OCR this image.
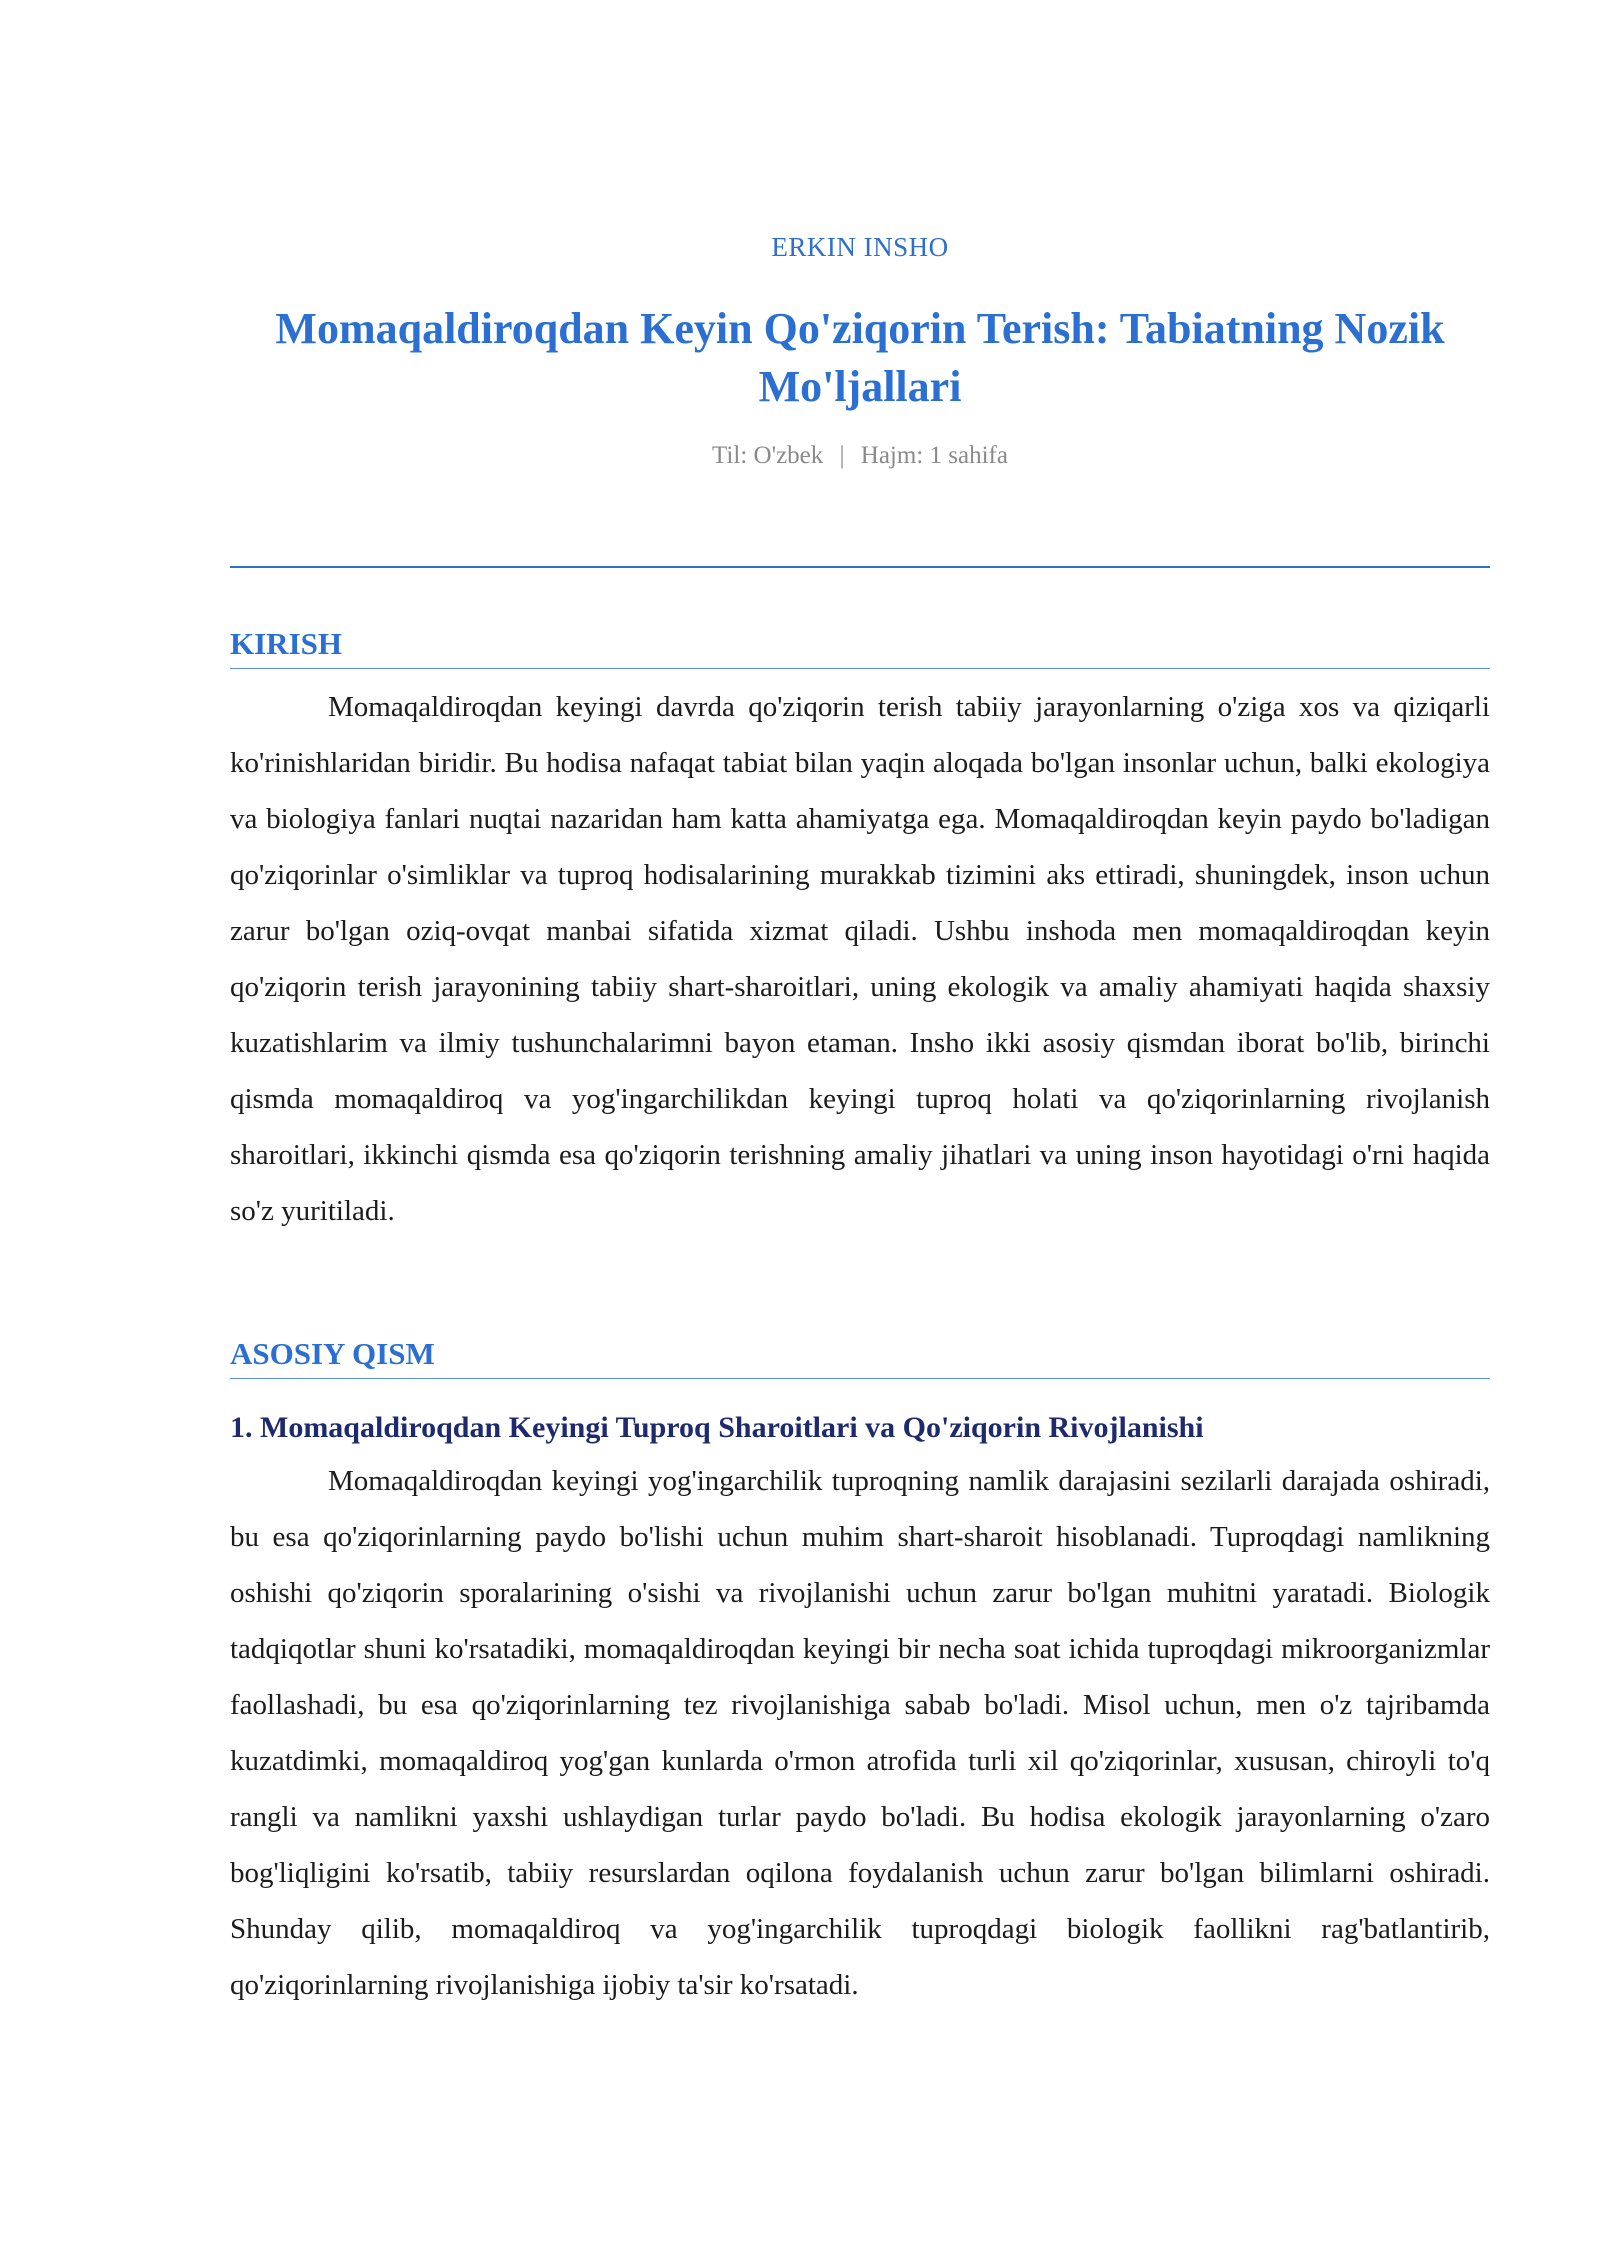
ERKIN INSHO
Momaqaldiroqdan Keyin Qo'ziqorin Terish: Tabiatning Nozik Mo'ljallari
Til: O'zbek | Hajm: 1 sahifa
KIRISH

Momaqaldiroqdan keyingi davrda qo'ziqorin terish tabiiy jarayonlarning o'ziga xos va qiziqarli ko'rinishlaridan biridir. Bu hodisa nafaqat tabiat bilan yaqin aloqada bo'lgan insonlar uchun, balki ekologiya va biologiya fanlari nuqtai nazaridan ham katta ahamiyatga ega. Momaqaldiroqdan keyin paydo bo'ladigan qo'ziqorinlar o'simliklar va tuproq hodisalarining murakkab tizimini aks ettiradi, shuningdek, inson uchun zarur bo'lgan oziq-ovqat manbai sifatida xizmat qiladi. Ushbu inshoda men momaqaldiroqdan keyin qo'ziqorin terish jarayonining tabiiy shart-sharoitlari, uning ekologik va amaliy ahamiyati haqida shaxsiy kuzatishlarim va ilmiy tushunchalarimni bayon etaman. Insho ikki asosiy qismdan iborat bo'lib, birinchi qismda momaqaldiroq va yog'ingarchilikdan keyingi tuproq holati va qo'ziqorinlarning rivojlanish sharoitlari, ikkinchi qismda esa qo'ziqorin terishning amaliy jihatlari va uning inson hayotidagi o'rni haqida so'z yuritiladi.

ASOSIY QISM
1. Momaqaldiroqdan Keyingi Tuproq Sharoitlari va Qo'ziqorin Rivojlanishi

Momaqaldiroqdan keyingi yog'ingarchilik tuproqning namlik darajasini sezilarli darajada oshiradi, bu esa qo'ziqorinlarning paydo bo'lishi uchun muhim shart-sharoit hisoblanadi. Tuproqdagi namlikning oshishi qo'ziqorin sporalarining o'sishi va rivojlanishi uchun zarur bo'lgan muhitni yaratadi. Biologik tadqiqotlar shuni ko'rsatadiki, momaqaldiroqdan keyingi bir necha soat ichida tuproqdagi mikroorganizmlar faollashadi, bu esa qo'ziqorinlarning tez rivojlanishiga sabab bo'ladi. Misol uchun, men o'z tajribamda kuzatdimki, momaqaldiroq yog'gan kunlarda o'rmon atrofida turli xil qo'ziqorinlar, xususan, chiroyli to'q rangli va namlikni yaxshi ushlaydigan turlar paydo bo'ladi. Bu hodisa ekologik jarayonlarning o'zaro bog'liqligini ko'rsatib, tabiiy resurslardan oqilona foydalanish uchun zarur bo'lgan bilimlarni oshiradi. Shunday qilib, momaqaldiroq va yog'ingarchilik tuproqdagi biologik faollikni rag'batlantirib, qo'ziqorinlarning rivojlanishiga ijobiy ta'sir ko'rsatadi.
